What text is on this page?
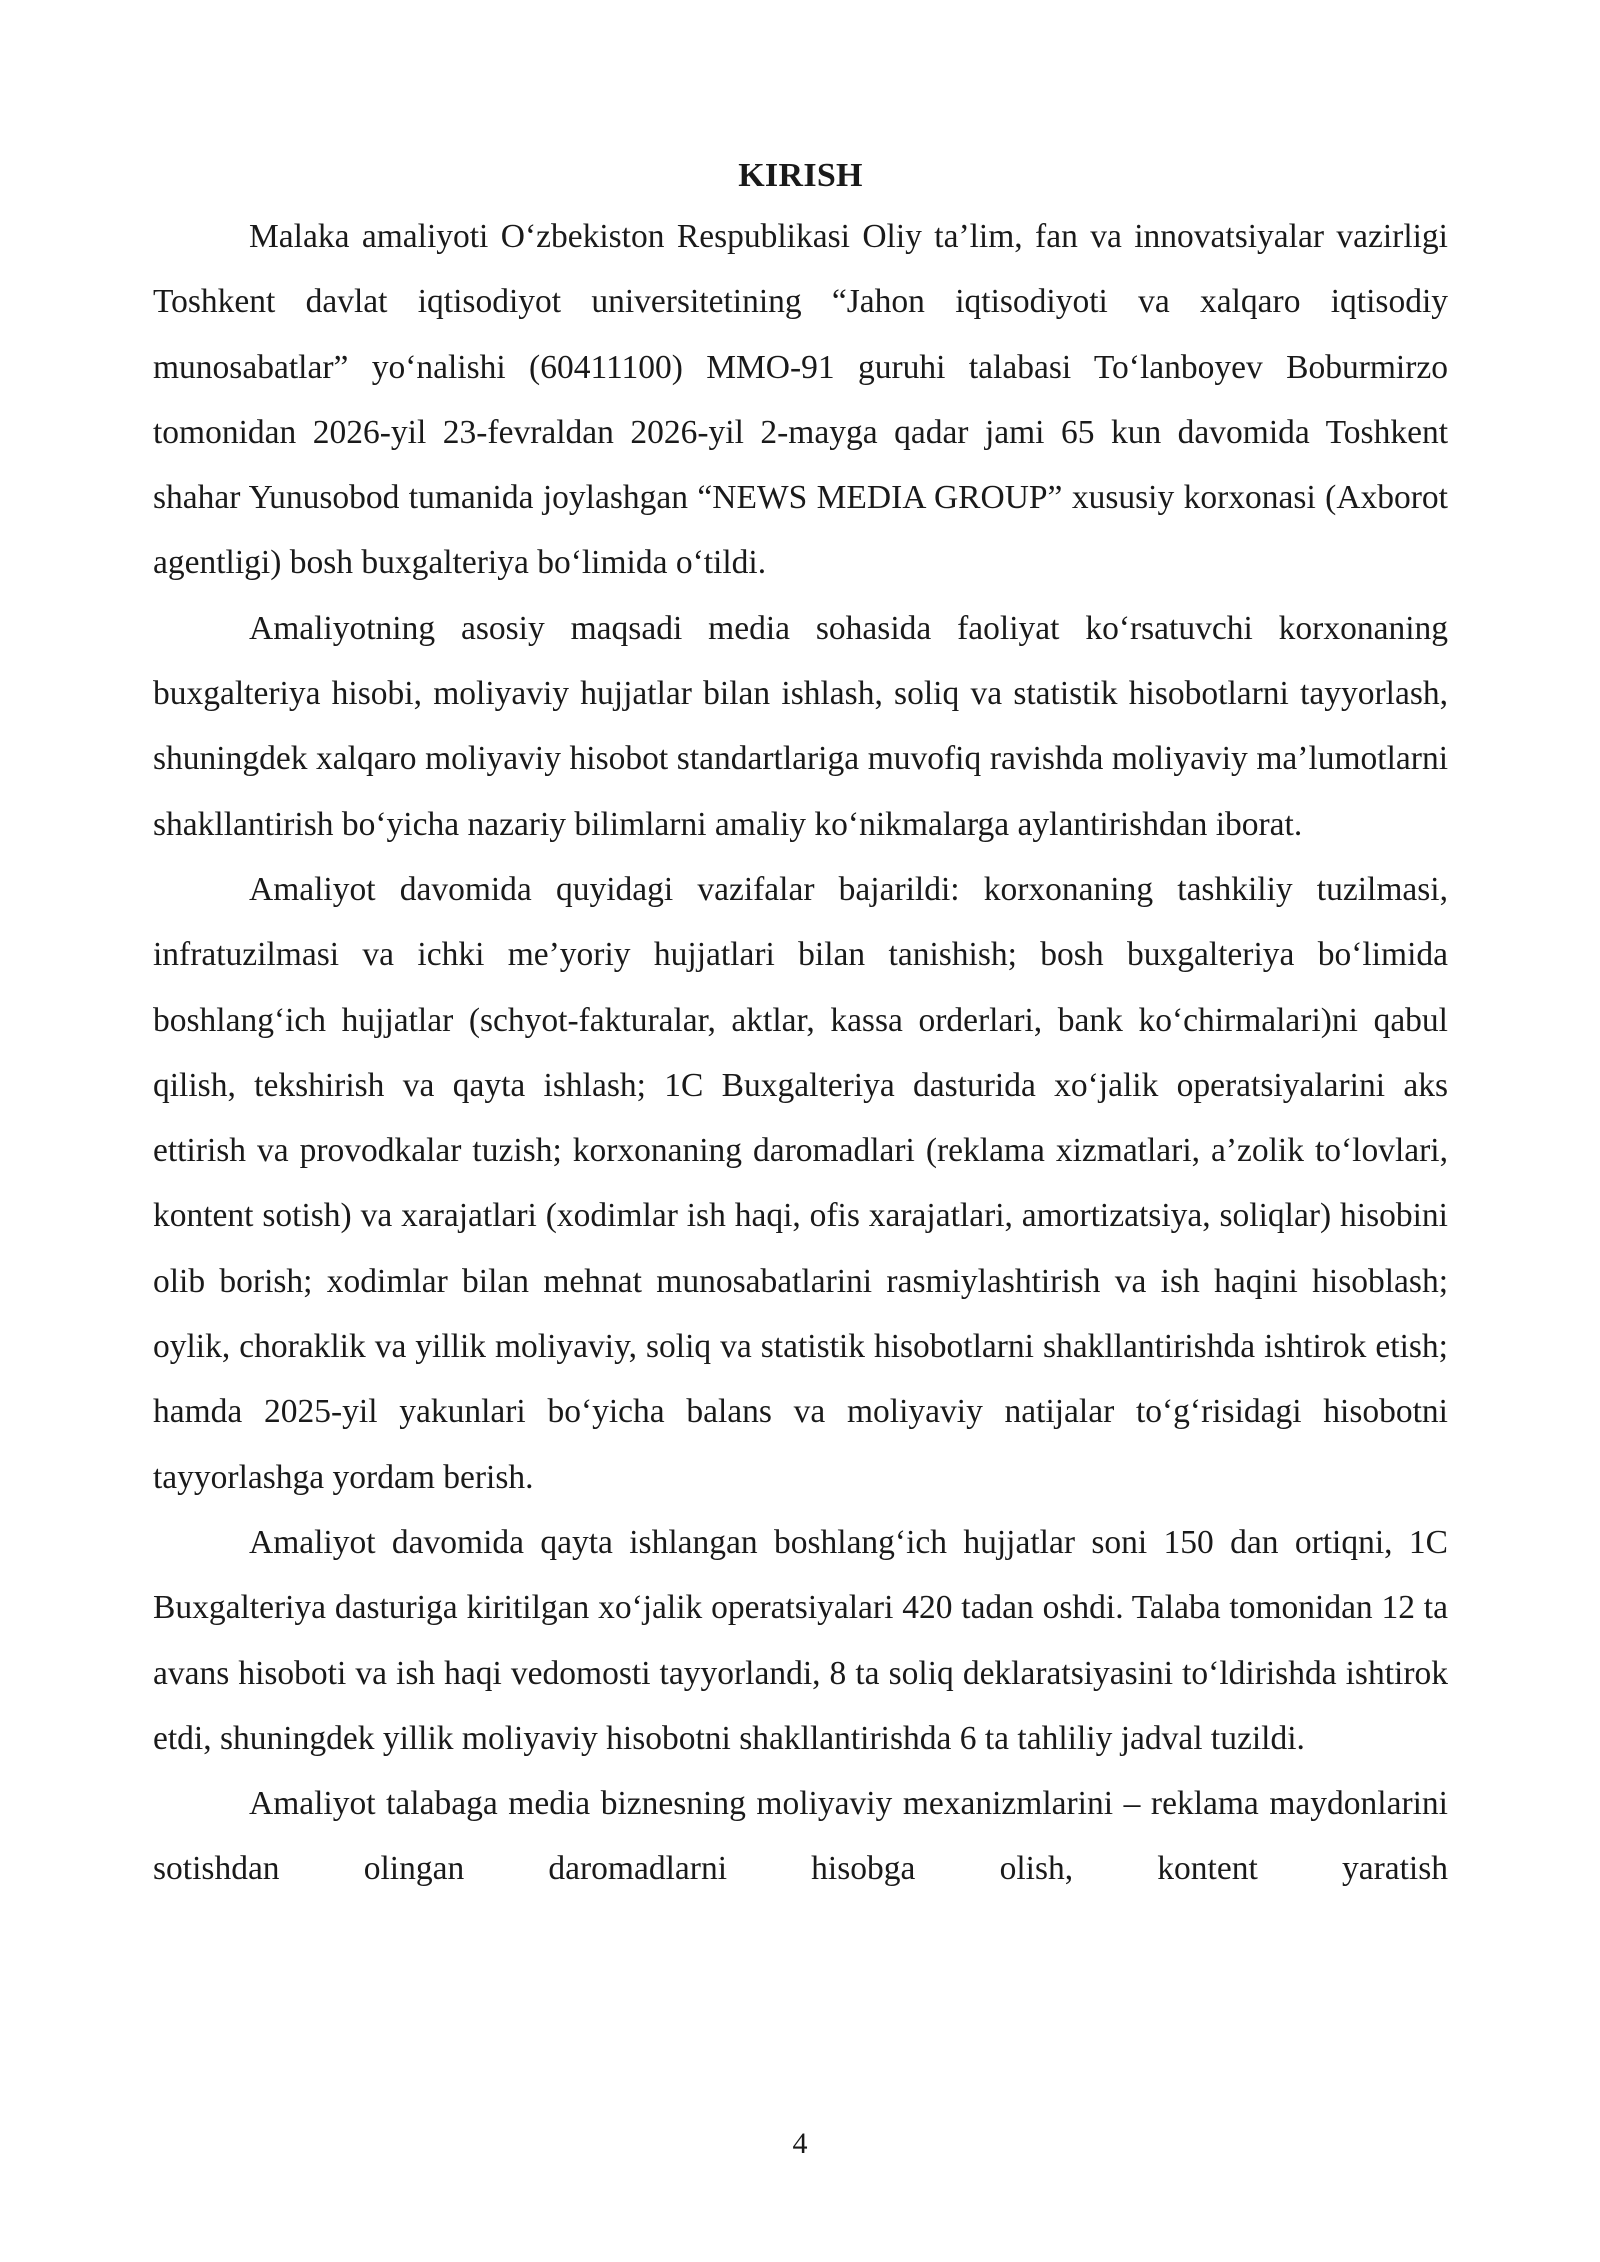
KIRISH

Malaka amaliyoti O‘zbekiston Respublikasi Oliy ta’lim, fan va innovatsiyalar vazirligi Toshkent davlat iqtisodiyot universitetining “Jahon iqtisodiyoti va xalqaro iqtisodiy munosabatlar” yo‘nalishi (60411100) MMO-91 guruhi talabasi To‘lanboyev Boburmirzo tomonidan 2026-yil 23-fevraldan 2026-yil 2-mayga qadar jami 65 kun davomida Toshkent shahar Yunusobod tumanida joylashgan “NEWS MEDIA GROUP” xususiy korxonasi (Axborot agentligi) bosh buxgalteriya bo‘limida o‘tildi.

Amaliyotning asosiy maqsadi media sohasida faoliyat ko‘rsatuvchi korxonaning buxgalteriya hisobi, moliyaviy hujjatlar bilan ishlash, soliq va statistik hisobotlarni tayyorlash, shuningdek xalqaro moliyaviy hisobot standartlariga muvofiq ravishda moliyaviy ma’lumotlarni shakllantirish bo‘yicha nazariy bilimlarni amaliy ko‘nikmalarga aylantirishdan iborat.

Amaliyot davomida quyidagi vazifalar bajarildi: korxonaning tashkiliy tuzilmasi, infratuzilmasi va ichki me’yoriy hujjatlari bilan tanishish; bosh buxgalteriya bo‘limida boshlang‘ich hujjatlar (schyot-fakturalar, aktlar, kassa orderlari, bank ko‘chirmalari)ni qabul qilish, tekshirish va qayta ishlash; 1C Buxgalteriya dasturida xo‘jalik operatsiyalarini aks ettirish va provodkalar tuzish; korxonaning daromadlari (reklama xizmatlari, a’zolik to‘lovlari, kontent sotish) va xarajatlari (xodimlar ish haqi, ofis xarajatlari, amortizatsiya, soliqlar) hisobini olib borish; xodimlar bilan mehnat munosabatlarini rasmiylashtirish va ish haqini hisoblash; oylik, choraklik va yillik moliyaviy, soliq va statistik hisobotlarni shakllantirishda ishtirok etish; hamda 2025-yil yakunlari bo‘yicha balans va moliyaviy natijalar to‘g‘risidagi hisobotni tayyorlashga yordam berish.

Amaliyot davomida qayta ishlangan boshlang‘ich hujjatlar soni 150 dan ortiqni, 1C Buxgalteriya dasturiga kiritilgan xo‘jalik operatsiyalari 420 tadan oshdi. Talaba tomonidan 12 ta avans hisoboti va ish haqi vedomosti tayyorlandi, 8 ta soliq deklaratsiyasini to‘ldirishda ishtirok etdi, shuningdek yillik moliyaviy hisobotni shakllantirishda 6 ta tahliliy jadval tuzildi.

Amaliyot talabaga media biznesning moliyaviy mexanizmlarini – reklama maydonlarini sotishdan olingan daromadlarni hisobga olish, kontent yaratish

4
